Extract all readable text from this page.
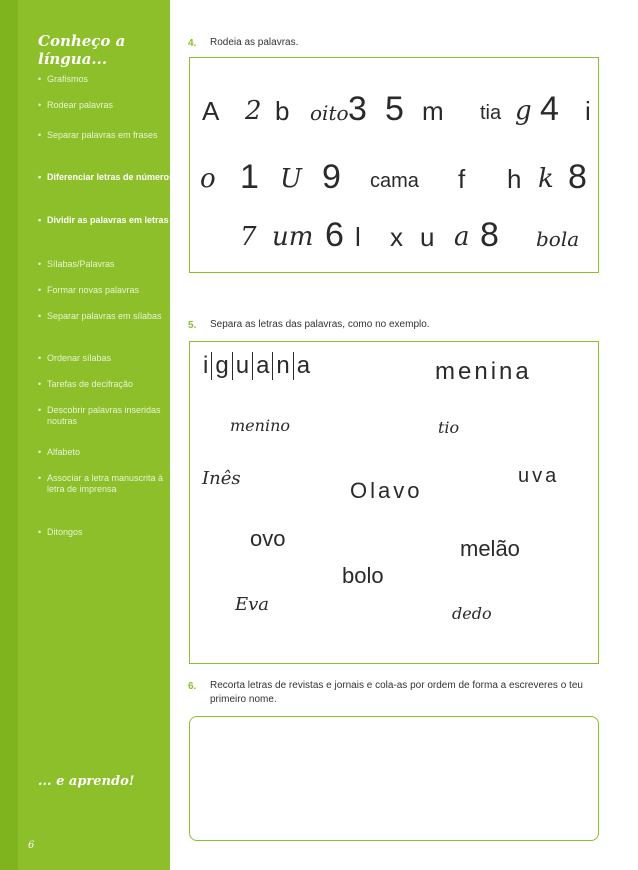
Conheço a língua...
• Grafismos
• Rodear palavras
• Separar palavras em frases
• Diferenciar letras de números
• Dividir as palavras em letras
• Sílabas/Palavras
• Formar novas palavras
• Separar palavras em sílabas
• Ordenar sílabas
• Tarefas de decifração
• Descobrir palavras inseridas noutras
• Alfabeto
• Associar a letra manuscrita à letra de imprensa
• Ditongos
... e aprendo!
6
4. Rodeia as palavras.
A 2 b oito 3 5 m tia g 4 i
o 1 U 9 cama f h k 8
7 um 6 l x u a 8 bola
5. Separa as letras das palavras, como no exemplo.
i g u a n a	menina
menino	tio
Inês	uva
Olavo
ovo	melão
bolo
Eva	dedo
6. Recorta letras de revistas e jornais e cola-as por ordem de forma a escreveres o teu primeiro nome.
